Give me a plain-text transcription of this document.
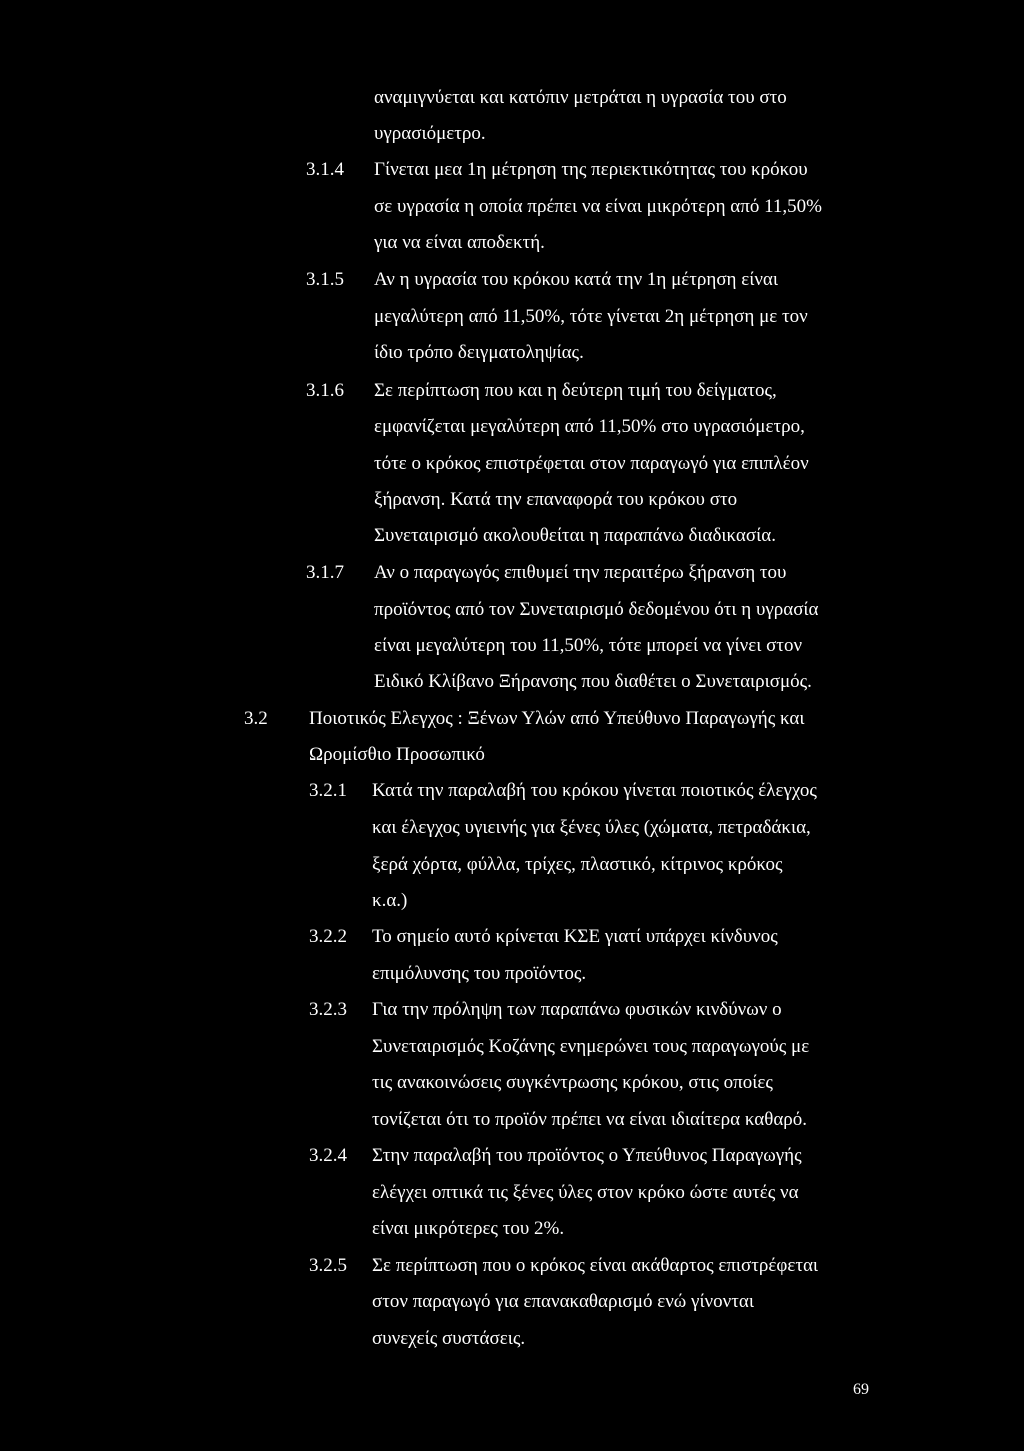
αναμιγνύεται και κατόπιν μετράται η υγρασία του στο
υγρασιόμετρο.
3.1.4 Γίνεται μεα 1η μέτρηση της περιεκτικότητας του κρόκου
σε υγρασία η οποία πρέπει να είναι μικρότερη από 11,50%
για να είναι αποδεκτή.
3.1.5 Αν η υγρασία του κρόκου κατά την 1η μέτρηση είναι
μεγαλύτερη από 11,50%, τότε γίνεται 2η μέτρηση με τον
ίδιο τρόπο δειγματοληψίας.
3.1.6 Σε περίπτωση που και η δεύτερη τιμή του δείγματος,
εμφανίζεται μεγαλύτερη από 11,50% στο υγρασιόμετρο,
τότε ο κρόκος επιστρέφεται στον παραγωγό για επιπλέον
ξήρανση. Κατά την επαναφορά του κρόκου στο
Συνεταιρισμό ακολουθείται η παραπάνω διαδικασία.
3.1.7 Αν ο παραγωγός επιθυμεί την περαιτέρω ξήρανση του
προϊόντος από τον Συνεταιρισμό δεδομένου ότι η υγρασία
είναι μεγαλύτερη του 11,50%, τότε μπορεί να γίνει στον
Ειδικό Κλίβανο Ξήρανσης που διαθέτει ο Συνεταιρισμός.
3.2 Ποιοτικός Ελεγχος : Ξένων Υλών από Υπεύθυνο Παραγωγής και
Ωρομίσθιο Προσωπικό
3.2.1 Κατά την παραλαβή του κρόκου γίνεται ποιοτικός έλεγχος
και έλεγχος υγιεινής για ξένες ύλες (χώματα, πετραδάκια,
ξερά χόρτα, φύλλα, τρίχες, πλαστικό, κίτρινος κρόκος
κ.α.)
3.2.2 Το σημείο αυτό κρίνεται ΚΣΕ γιατί υπάρχει κίνδυνος
επιμόλυνσης του προϊόντος.
3.2.3 Για την πρόληψη των παραπάνω φυσικών κινδύνων ο
Συνεταιρισμός Κοζάνης ενημερώνει τους παραγωγούς με
τις ανακοινώσεις συγκέντρωσης κρόκου, στις οποίες
τονίζεται ότι το προϊόν πρέπει να είναι ιδιαίτερα καθαρό.
3.2.4 Στην παραλαβή του προϊόντος ο Υπεύθυνος Παραγωγής
ελέγχει οπτικά τις ξένες ύλες στον κρόκο ώστε αυτές να
είναι μικρότερες του 2%.
3.2.5 Σε περίπτωση που ο κρόκος είναι ακάθαρτος επιστρέφεται
στον παραγωγό για επανακαθαρισμό ενώ γίνονται
συνεχείς συστάσεις.
69
